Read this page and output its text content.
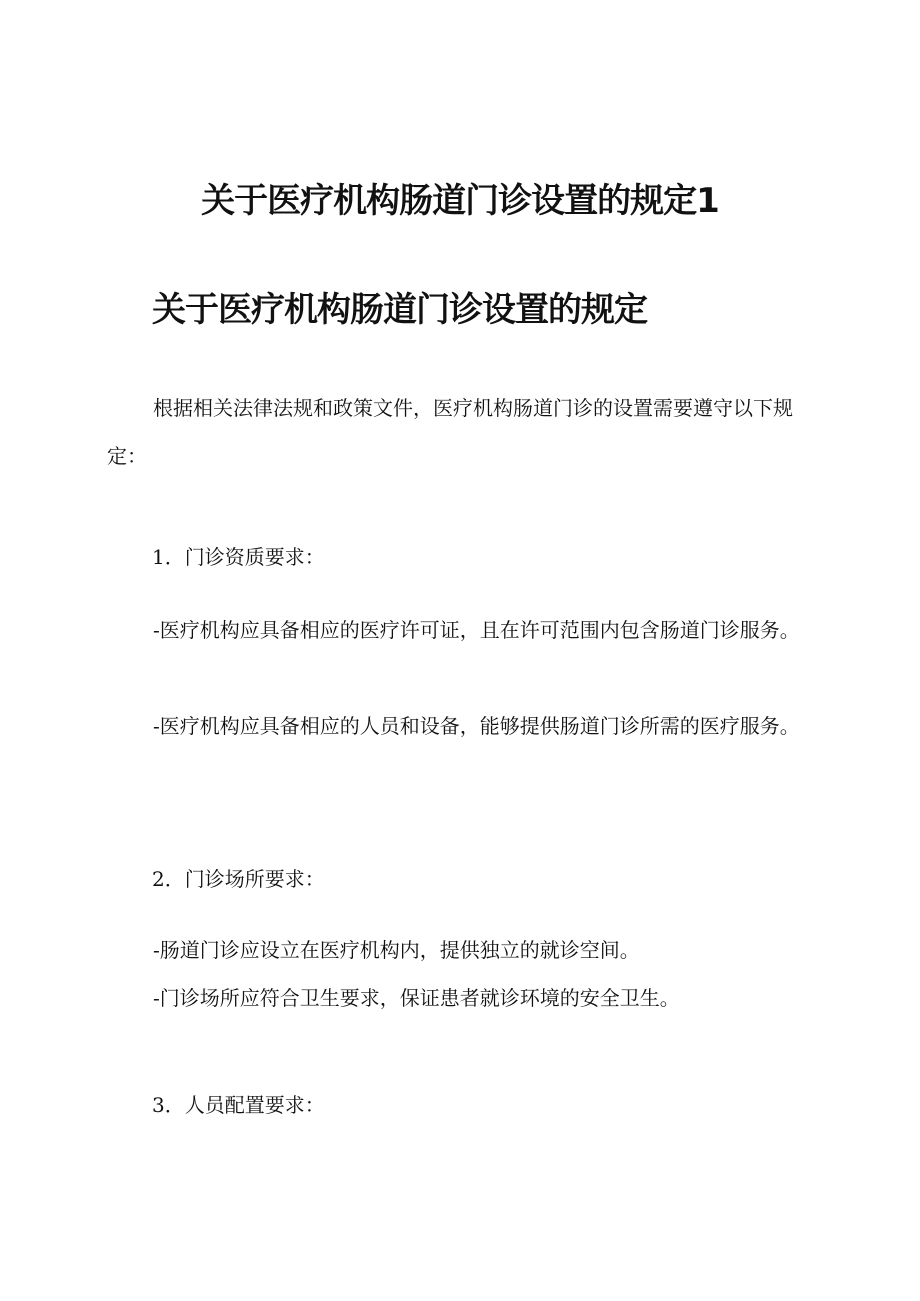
关于医疗机构肠道门诊设置的规定1
关于医疗机构肠道门诊设置的规定

根据相关法律法规和政策文件，医疗机构肠道门诊的设置需要遵守以下规定：

1．门诊资质要求：

-医疗机构应具备相应的医疗许可证，且在许可范围内包含肠道门诊服务。

-医疗机构应具备相应的人员和设备，能够提供肠道门诊所需的医疗服务。

2．门诊场所要求：

-肠道门诊应设立在医疗机构内，提供独立的就诊空间。

-门诊场所应符合卫生要求，保证患者就诊环境的安全卫生。

3．人员配置要求：
